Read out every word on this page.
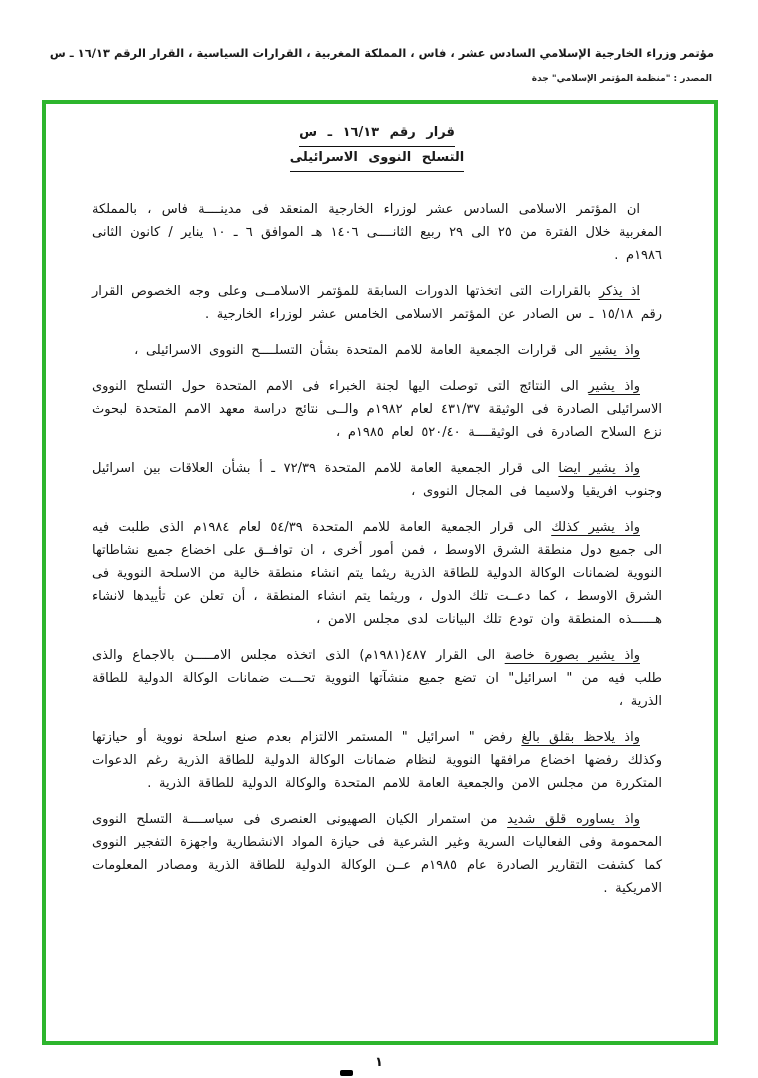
مؤتمر وزراء الخارجية الإسلامي السادس عشر ، فاس ، المملكة المغربية ، القرارات السياسية ، القرار الرقم ١٦/١٣ ـ س
المصدر : "منظمة المؤتمر الإسلامي" جدة
قرار رقم ١٦/١٣ ـ س
التسلح النووى الاسرائيلى

ان المؤتمر الاسلامى السادس عشر لوزراء الخارجية المنعقد فى مدينــــة فاس ، بالمملكة المغربية خلال الفترة من ٢٥ الى ٢٩ ربيع الثانــــى ١٤٠٦ هـ الموافق ٦ ـ ١٠ يناير / كانون الثانى ١٩٨٦م .

اذ يذكر بالقرارات التى اتخذتها الدورات السابقة للمؤتمر الاسلامــى وعلى وجه الخصوص القرار رقم ١٥/١٨ ـ س الصادر عن المؤتمر الاسلامى الخامس عشر لوزراء الخارجية .

واذ يشير الى قرارات الجمعية العامة للامم المتحدة بشأن التسلــــح النووى الاسرائيلى ،

واذ يشير الى النتائج التى توصلت اليها لجنة الخبراء فى الامم المتحدة حول التسلح النووى الاسرائيلى الصادرة فى الوثيقة ٤٣١/٣٧ لعام ١٩٨٢م والــى نتائج دراسة معهد الامم المتحدة لبحوث نزع السلاح الصادرة فى الوثيقــــة ٥٢٠/٤٠ لعام ١٩٨٥م ،

واذ يشير ايضا الى قرار الجمعية العامة للامم المتحدة ٧٢/٣٩ ـ أ بشأن العلاقات بين اسرائيل وجنوب افريقيا ولاسيما فى المجال النووى ،

واذ يشير كذلك الى قرار الجمعية العامة للامم المتحدة ٥٤/٣٩ لعام ١٩٨٤م الذى طلبت فيه الى جميع دول منطقة الشرق الاوسط ، فمن أمور أخرى ، ان توافــق على اخضاع جميع نشاطاتها النووية لضمانات الوكالة الدولية للطاقة الذرية ريثما يتم انشاء منطقة خالية من الاسلحة النووية فى الشرق الاوسط ، كما دعــت تلك الدول ، وريثما يتم انشاء المنطقة ، أن تعلن عن تأييدها لانشاء هــــــذه المنطقة وان تودع تلك البيانات لدى مجلس الامن ،

واذ يشير بصورة خاصة الى القرار ٤٨٧(١٩٨١م) الذى اتخذه مجلس الامـــــن بالاجماع والذى طلب فيه من " اسرائيل" ان تضع جميع منشآتها النووية تحـــت ضمانات الوكالة الدولية للطاقة الذرية ،

واذ يلاحظ بقلق بالغ رفض " اسرائيل " المستمر الالتزام بعدم صنع اسلحة نووية أو حيازتها وكذلك رفضها اخضاع مرافقها النووية لنظام ضمانات الوكالة الدولية للطاقة الذرية رغم الدعوات المتكررة من مجلس الامن والجمعية العامة للامم المتحدة والوكالة الدولية للطاقة الذرية .

واذ يساوره قلق شديد من استمرار الكيان الصهيونى العنصرى فى سياســــة التسلح النووى المحمومة وفى الفعاليات السرية وغير الشرعية فى حيازة المواد الانشطارية واجهزة التفجير النووى كما كشفت التقارير الصادرة عام ١٩٨٥م عــن الوكالة الدولية للطاقة الذرية ومصادر المعلومات الامريكية .

١
